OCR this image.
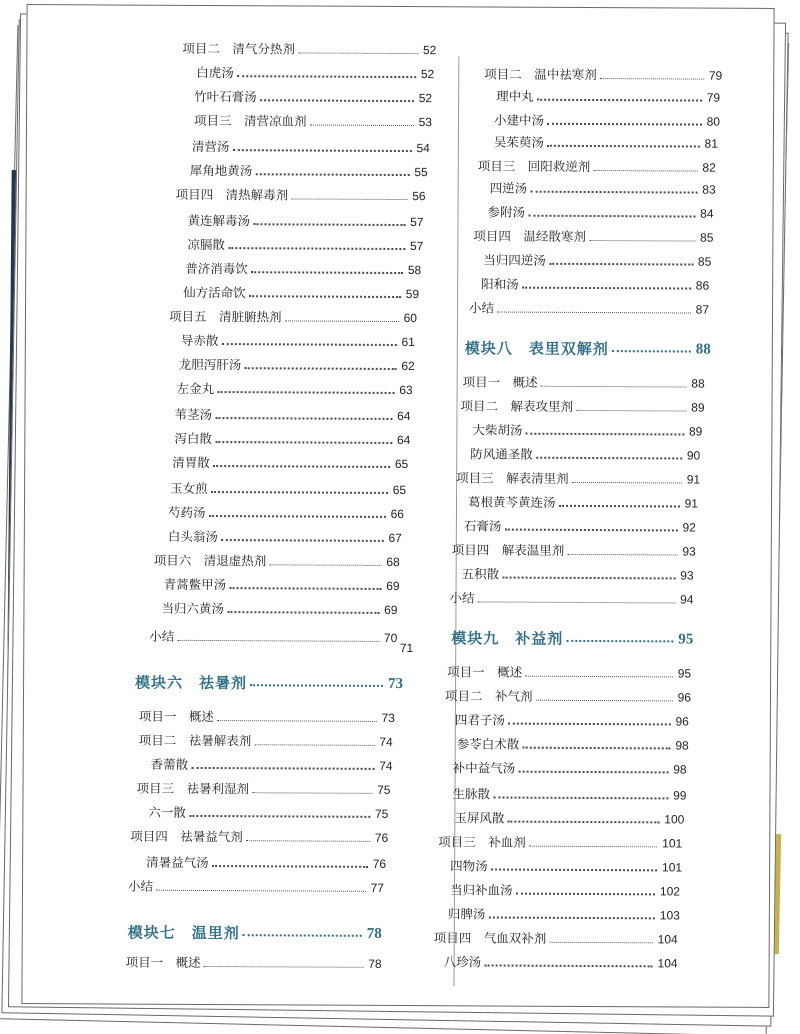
项目二　清气分热剂	52
白虎汤	52
竹叶石膏汤	52
项目三　清营凉血剂	53
清营汤	54
犀角地黄汤	55
项目四　清热解毒剂	56
黄连解毒汤	57
凉膈散	57
普济消毒饮	58
仙方活命饮	59
项目五　清脏腑热剂	60
导赤散	61
龙胆泻肝汤	62
左金丸	63
苇茎汤	64
泻白散	64
清胃散	65
玉女煎	65
芍药汤	66
白头翁汤	67
项目六　清退虚热剂	68
青蒿鳖甲汤	69
当归六黄汤	69
小结	70
71
模块六　祛暑剂	73
项目一　概述	73
项目二　祛暑解表剂	74
香薷散	74
项目三　祛暑利湿剂	75
六一散	75
项目四　祛暑益气剂	76
清暑益气汤	76
小结	77
模块七　温里剂	78
项目一　概述	78
项目二　温中祛寒剂	79
理中丸	79
小建中汤	80
吴茱萸汤	81
项目三　回阳救逆剂	82
四逆汤	83
参附汤	84
项目四　温经散寒剂	85
当归四逆汤	85
阳和汤	86
小结	87
模块八　表里双解剂	88
项目一　概述	88
项目二　解表攻里剂	89
大柴胡汤	89
防风通圣散	90
项目三　解表清里剂	91
葛根黄芩黄连汤	91
石膏汤	92
项目四　解表温里剂	93
五积散	93
小结	94
模块九　补益剂	95
项目一　概述	95
项目二　补气剂	96
四君子汤	96
参苓白术散	98
补中益气汤	98
生脉散	99
玉屏风散	100
项目三　补血剂	101
四物汤	101
当归补血汤	102
归脾汤	103
项目四　气血双补剂	104
八珍汤	104
